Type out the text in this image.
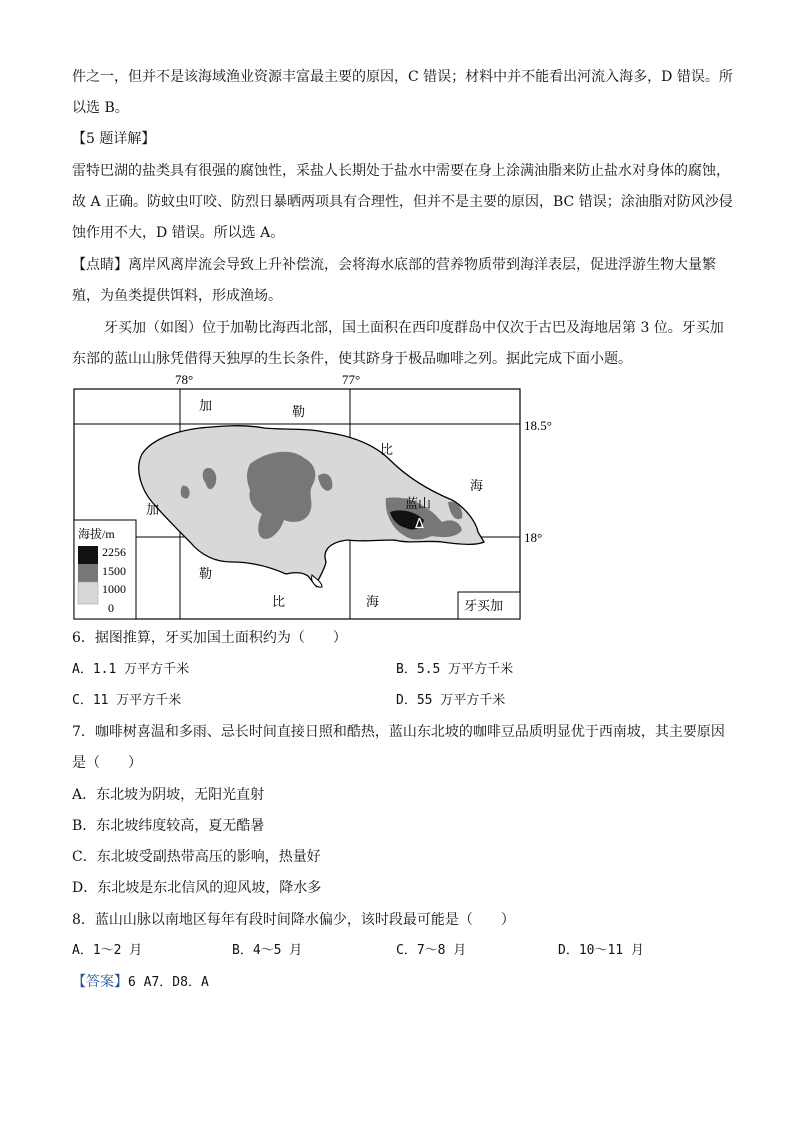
件之一，但并不是该海域渔业资源丰富最主要的原因，C 错误；材料中并不能看出河流入海多，D 错误。所
以选 B。
【5 题详解】
雷特巴湖的盐类具有很强的腐蚀性，采盐人长期处于盐水中需要在身上涂满油脂来防止盐水对身体的腐蚀，
故 A 正确。防蚊虫叮咬、防烈日暴晒两项具有合理性，但并不是主要的原因，BC 错误；涂油脂对防风沙侵
蚀作用不大，D 错误。所以选 A。
【点睛】离岸风离岸流会导致上升补偿流，会将海水底部的营养物质带到海洋表层，促进浮游生物大量繁
殖，为鱼类提供饵料，形成渔场。
牙买加（如图）位于加勒比海西北部，国土面积在西印度群岛中仅次于古巴及海地居第 3 位。牙买加
东部的蓝山山脉凭借得天独厚的生长条件，使其跻身于极品咖啡之列。据此完成下面小题。
78°	77°
加	勒
比
海
加
勒
比	海
蓝山
Δ
18.5°
18°
海拔/m
2256
1500
1000
0	牙买加
6．据图推算，牙买加国土面积约为（　　）
A．1.1 万平方千米	B．5.5 万平方千米
C．11 万平方千米	D．55 万平方千米
7．咖啡树喜温和多雨、忌长时间直接日照和酷热，蓝山东北坡的咖啡豆品质明显优于西南坡，其主要原因
是（　　）
A．东北坡为阴坡，无阳光直射
B．东北坡纬度较高，夏无酷暑
C．东北坡受副热带高压的影响，热量好
D．东北坡是东北信风的迎风坡，降水多
8．蓝山山脉以南地区每年有段时间降水偏少，该时段最可能是（　　）
A．1～2 月	B．4～5 月	C．7～8 月	D．10～11 月
【答案】6 A7．D8．A
